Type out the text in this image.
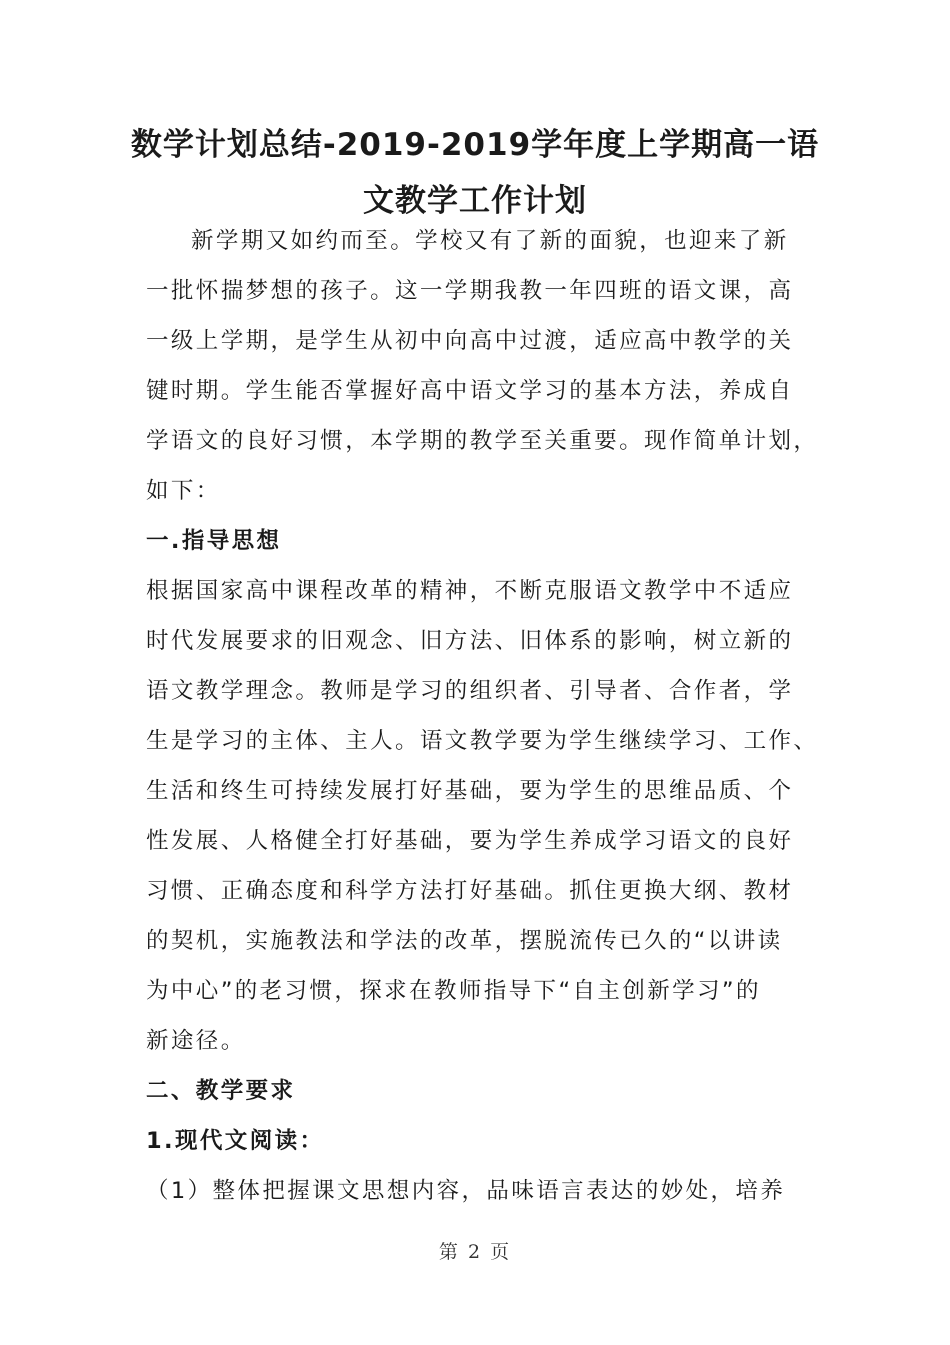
数学计划总结-2019-2019学年度上学期高一语
文教学工作计划
新学期又如约而至。学校又有了新的面貌，也迎来了新
一批怀揣梦想的孩子。这一学期我教一年四班的语文课，高
一级上学期，是学生从初中向高中过渡，适应高中教学的关
键时期。学生能否掌握好高中语文学习的基本方法，养成自
学语文的良好习惯，本学期的教学至关重要。现作简单计划，
如下：
一.指导思想
根据国家高中课程改革的精神，不断克服语文教学中不适应
时代发展要求的旧观念、旧方法、旧体系的影响，树立新的
语文教学理念。教师是学习的组织者、引导者、合作者，学
生是学习的主体、主人。语文教学要为学生继续学习、工作、
生活和终生可持续发展打好基础，要为学生的思维品质、个
性发展、人格健全打好基础，要为学生养成学习语文的良好
习惯、正确态度和科学方法打好基础。抓住更换大纲、教材
的契机，实施教法和学法的改革，摆脱流传已久的“以讲读
为中心”的老习惯，探求在教师指导下“自主创新学习”的
新途径。
二、教学要求
1.现代文阅读：
（1）整体把握课文思想内容，品味语言表达的妙处，培养
第 2 页
